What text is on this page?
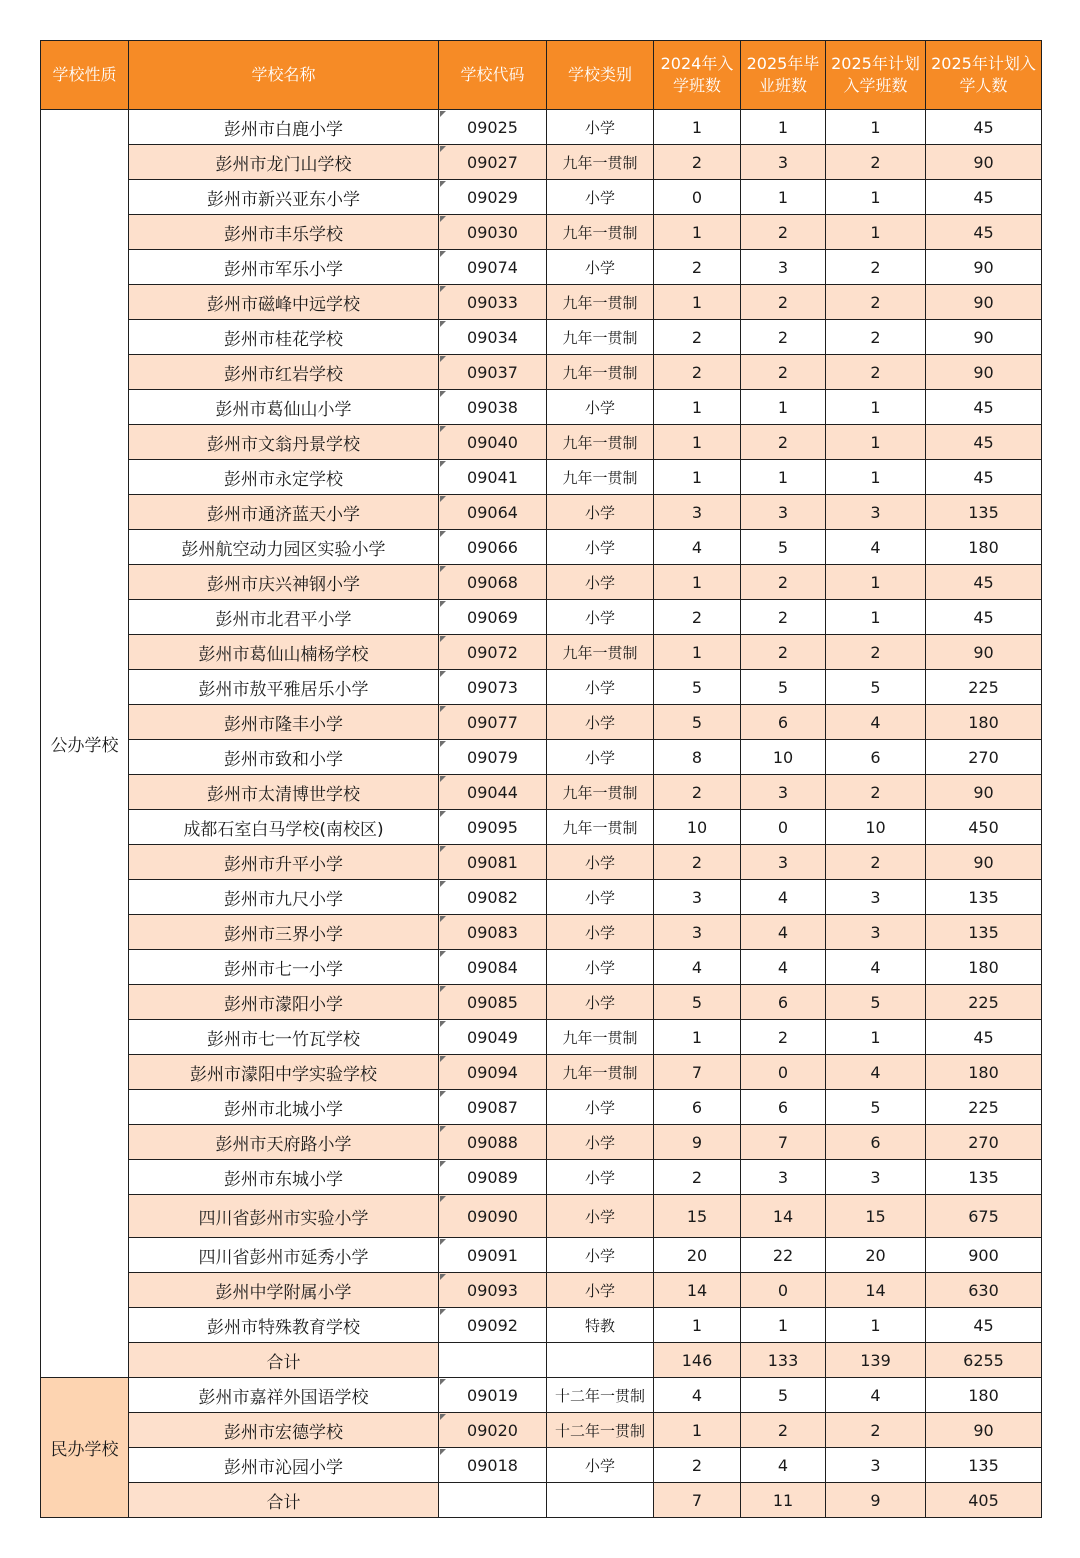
学校性质	学校名称	学校代码	学校类别	2024年入学班数	2025年毕业班数	2025年计划入学班数	2025年计划入学人数
公办学校	彭州市白鹿小学	09025	小学	1	1	1	45
	彭州市龙门山学校	09027	九年一贯制	2	3	2	90
	彭州市新兴亚东小学	09029	小学	0	1	1	45
	彭州市丰乐学校	09030	九年一贯制	1	2	1	45
	彭州市军乐小学	09074	小学	2	3	2	90
	彭州市磁峰中远学校	09033	九年一贯制	1	2	2	90
	彭州市桂花学校	09034	九年一贯制	2	2	2	90
	彭州市红岩学校	09037	九年一贯制	2	2	2	90
	彭州市葛仙山小学	09038	小学	1	1	1	45
	彭州市文翁丹景学校	09040	九年一贯制	1	2	1	45
	彭州市永定学校	09041	九年一贯制	1	1	1	45
	彭州市通济蓝天小学	09064	小学	3	3	3	135
	彭州航空动力园区实验小学	09066	小学	4	5	4	180
	彭州市庆兴神钢小学	09068	小学	1	2	1	45
	彭州市北君平小学	09069	小学	2	2	1	45
	彭州市葛仙山楠杨学校	09072	九年一贯制	1	2	2	90
	彭州市敖平雅居乐小学	09073	小学	5	5	5	225
	彭州市隆丰小学	09077	小学	5	6	4	180
	彭州市致和小学	09079	小学	8	10	6	270
	彭州市太清博世学校	09044	九年一贯制	2	3	2	90
	成都石室白马学校(南校区)	09095	九年一贯制	10	0	10	450
	彭州市升平小学	09081	小学	2	3	2	90
	彭州市九尺小学	09082	小学	3	4	3	135
	彭州市三界小学	09083	小学	3	4	3	135
	彭州市七一小学	09084	小学	4	4	4	180
	彭州市濛阳小学	09085	小学	5	6	5	225
	彭州市七一竹瓦学校	09049	九年一贯制	1	2	1	45
	彭州市濛阳中学实验学校	09094	九年一贯制	7	0	4	180
	彭州市北城小学	09087	小学	6	6	5	225
	彭州市天府路小学	09088	小学	9	7	6	270
	彭州市东城小学	09089	小学	2	3	3	135
	四川省彭州市实验小学	09090	小学	15	14	15	675
	四川省彭州市延秀小学	09091	小学	20	22	20	900
	彭州中学附属小学	09093	小学	14	0	14	630
	彭州市特殊教育学校	09092	特教	1	1	1	45
	合计			146	133	139	6255
民办学校	彭州市嘉祥外国语学校	09019	十二年一贯制	4	5	4	180
	彭州市宏德学校	09020	十二年一贯制	1	2	2	90
	彭州市沁园小学	09018	小学	2	4	3	135
	合计			7	11	9	405
